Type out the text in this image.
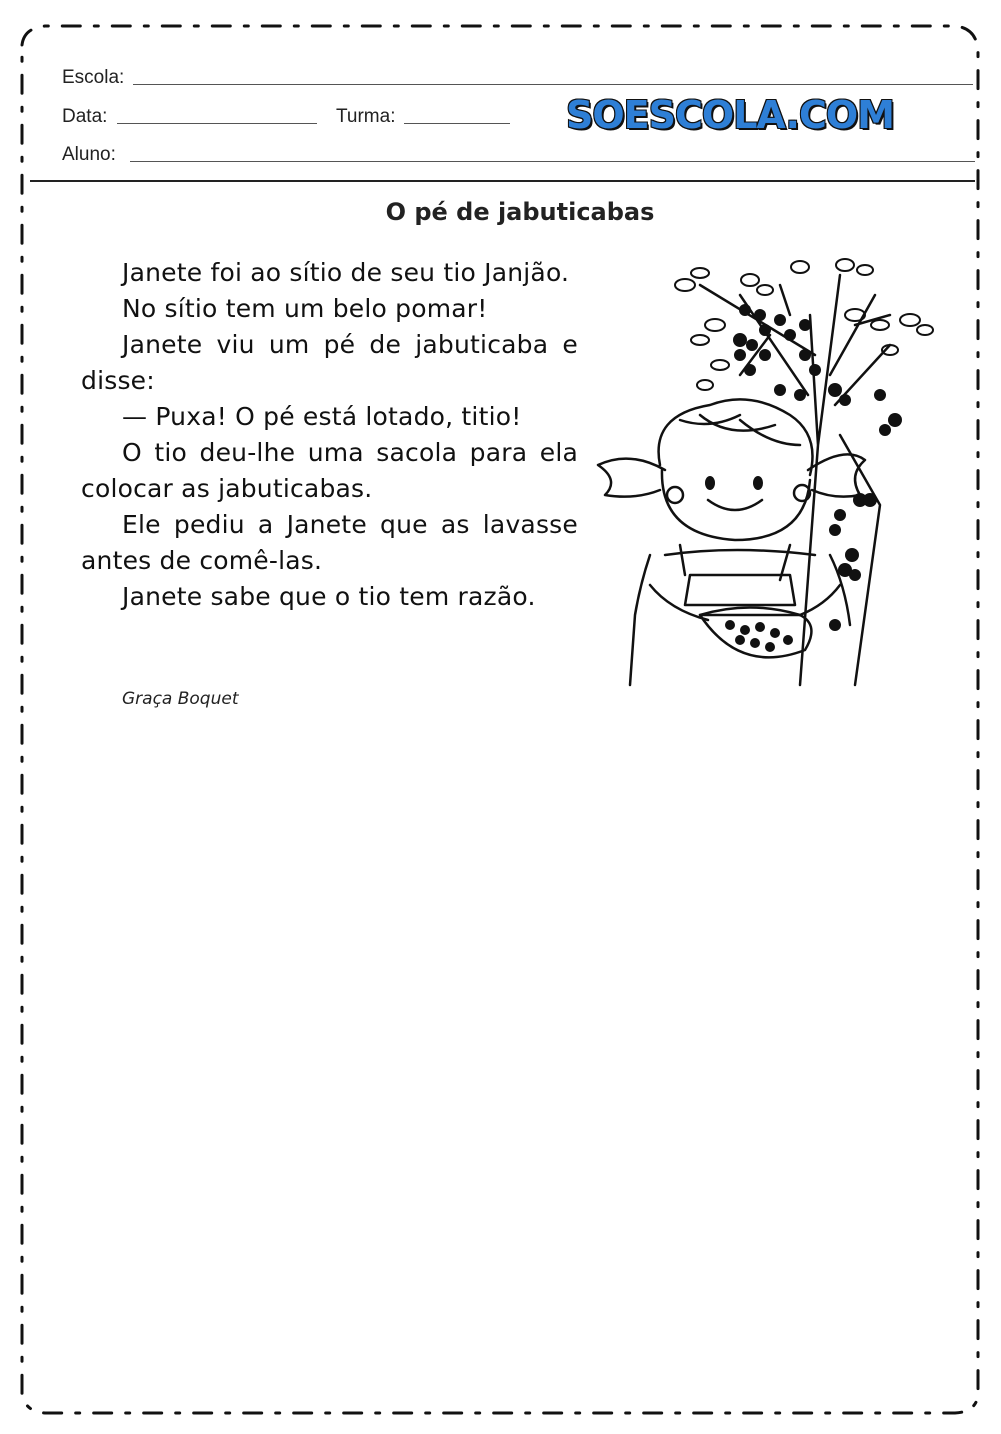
Escola:
Data:	Turma:	SOESCOLA.COM
Aluno:
O pé de jabuticabas

Janete foi ao sítio de seu tio Janjão.

No sítio tem um belo pomar!

Janete viu um pé de jabuticaba e disse:

— Puxa! O pé está lotado, titio!

O tio deu-lhe uma sacola para ela colocar as jabuticabas.

Ele pediu a Janete que as lavasse antes de comê-las.

Janete sabe que o tio tem razão.

Graça Boquet
